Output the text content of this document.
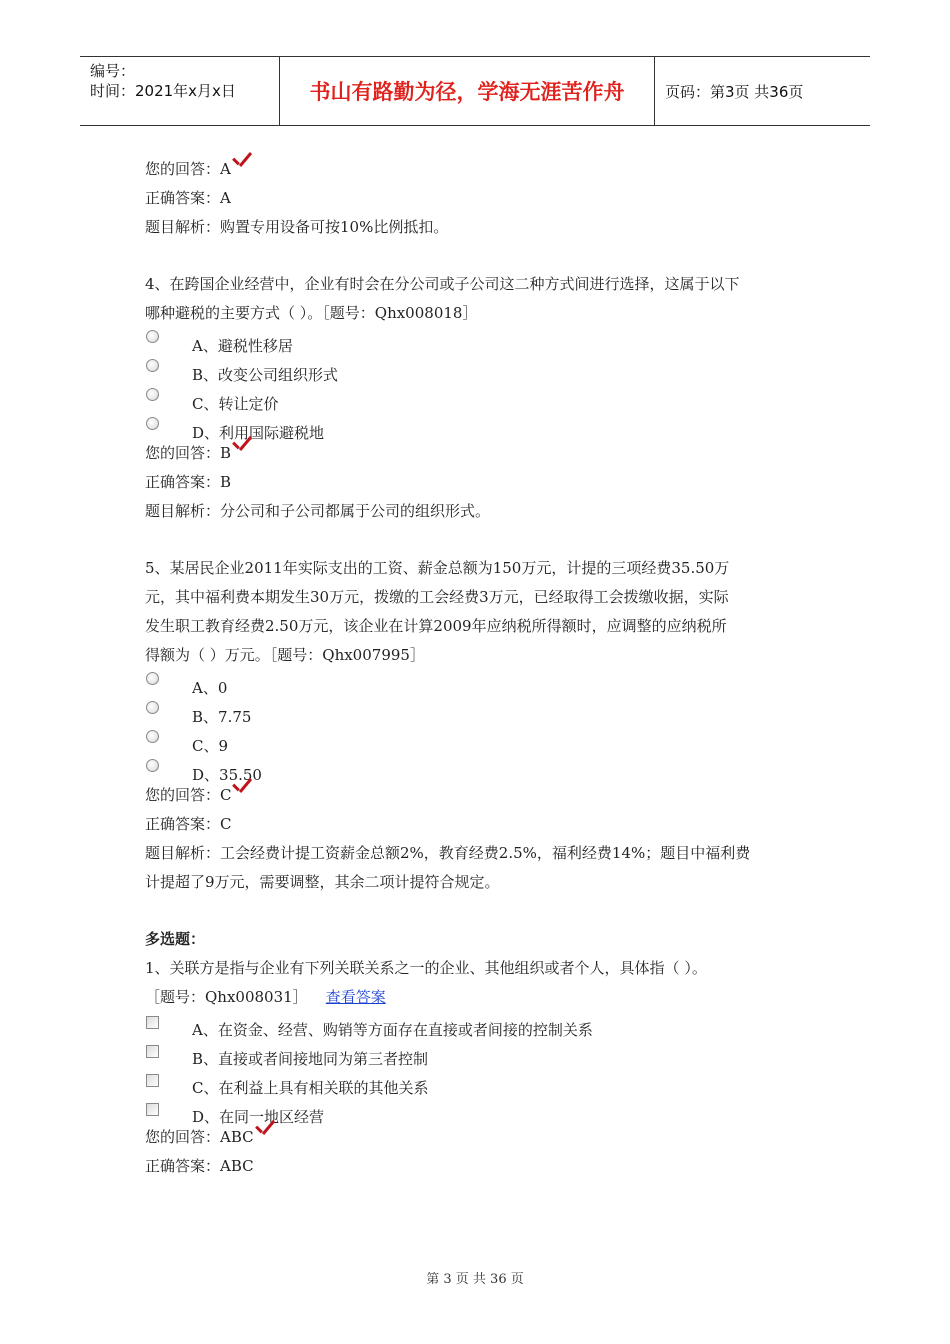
编号：
时间：2021年x月x日	书山有路勤为径，学海无涯苦作舟	页码：第3页 共36页
您的回答：A
正确答案：A
题目解析：购置专用设备可按10%比例抵扣。
4、在跨国企业经营中，企业有时会在分公司或子公司这二种方式间进行选择，这属于以下
哪种避税的主要方式（ ）。［题号：Qhx008018］
A、避税性移居
B、改变公司组织形式
C、转让定价
D、利用国际避税地
您的回答：B
正确答案：B
题目解析：分公司和子公司都属于公司的组织形式。
5、某居民企业2011年实际支出的工资、薪金总额为150万元，计提的三项经费35.50万
元，其中福利费本期发生30万元，拨缴的工会经费3万元，已经取得工会拨缴收据，实际
发生职工教育经费2.50万元，该企业在计算2009年应纳税所得额时，应调整的应纳税所
得额为（ ）万元。［题号：Qhx007995］
A、0
B、7.75
C、9
D、35.50
您的回答：C
正确答案：C
题目解析：工会经费计提工资薪金总额2%，教育经费2.5%，福利经费14%；题目中福利费
计提超了9万元，需要调整，其余二项计提符合规定。
多选题：
1、关联方是指与企业有下列关联关系之一的企业、其他组织或者个人，具体指（ ）。
［题号：Qhx008031］ 查看答案
A、在资金、经营、购销等方面存在直接或者间接的控制关系
B、直接或者间接地同为第三者控制
C、在利益上具有相关联的其他关系
D、在同一地区经营
您的回答：ABC
正确答案：ABC
第 3 页 共 36 页
